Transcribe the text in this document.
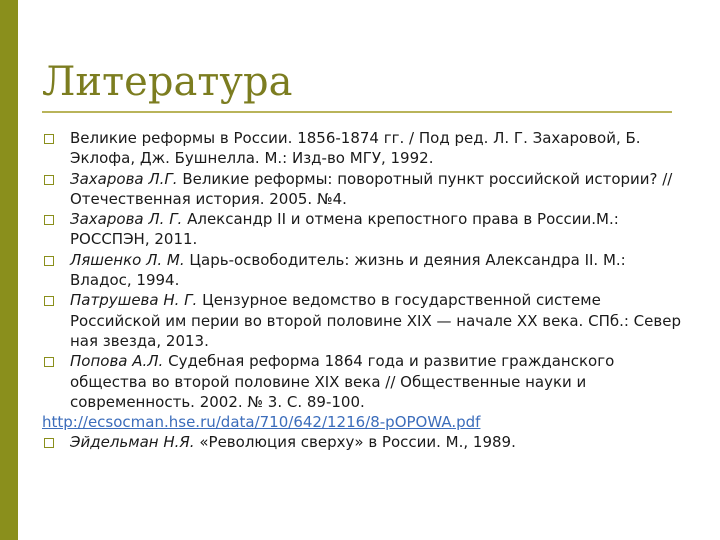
Литература
Великие реформы в России. 1856-1874 гг. / Под ред. Л. Г. Захаровой, Б. Эклофа, Дж. Бушнелла. М.: Изд-во МГУ, 1992.
Захарова Л.Г. Великие реформы: поворотный пункт российской истории? // Отечественная история. 2005. №4.
Захарова Л. Г. Александр II и отмена крепостного права в России.М.: РОССПЭН, 2011.
Ляшенко Л. М. Царь-освободитель: жизнь и деяния Александра II. М.: Владос, 1994.
Патрушева Н. Г. Цензурное ведомство в государственной системе Российской им перии во второй половине XIX — начале XX века. СПб.: Север ная звезда, 2013.
Попова А.Л. Судебная реформа 1864 года и развитие гражданского общества во второй половине XIX века // Общественные науки и современность. 2002. № 3. С. 89-100.
http://ecsocman.hse.ru/data/710/642/1216/8-pOPOWA.pdf
Эйдельман Н.Я. «Революция сверху» в России. М., 1989.
